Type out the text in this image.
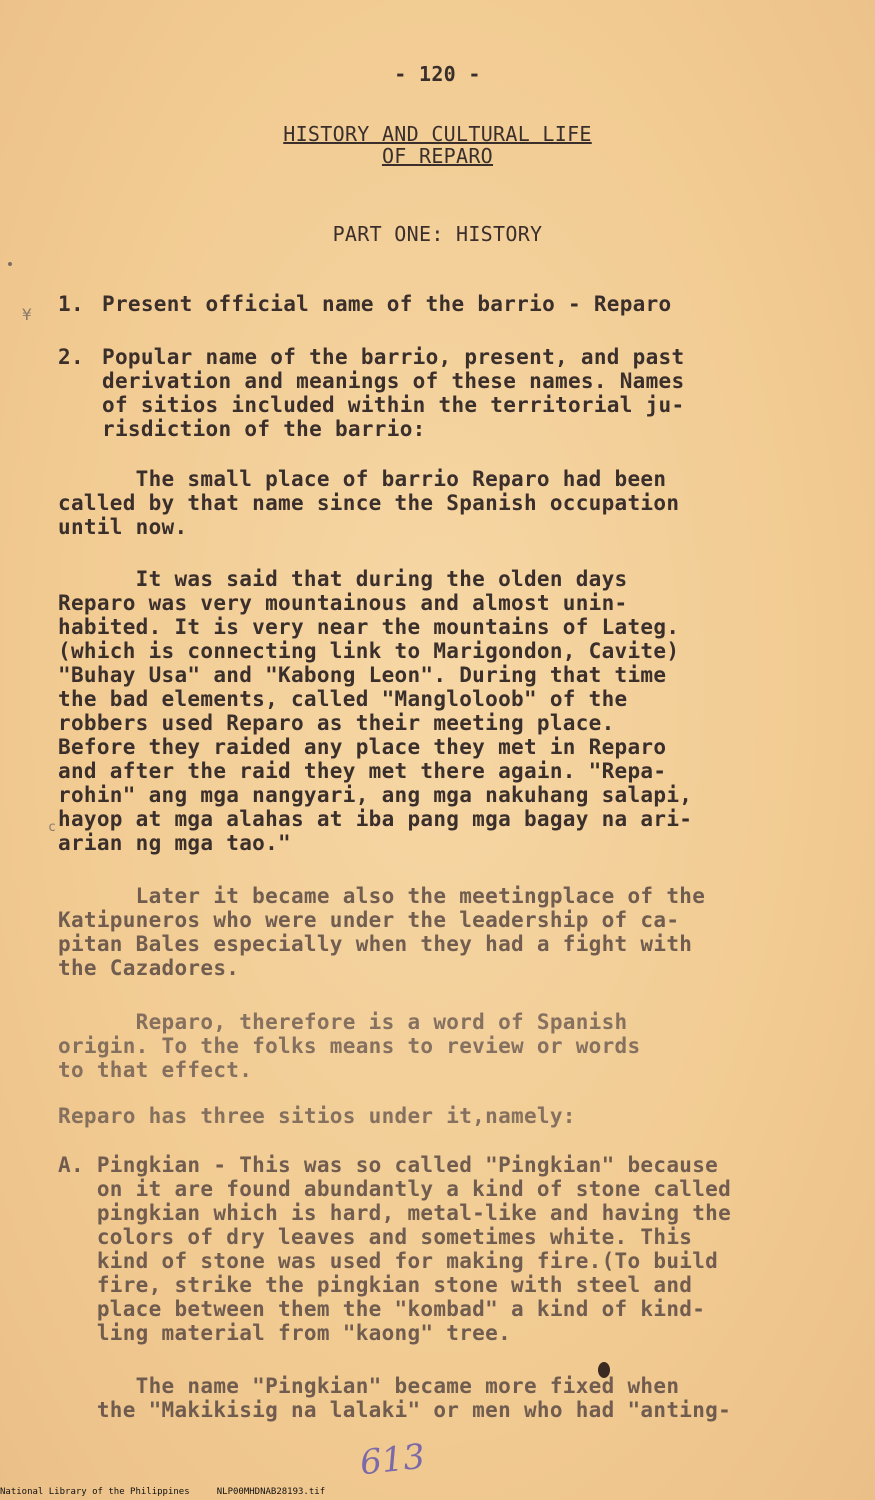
¥
c
- 120 -
HISTORY AND CULTURAL LIFE
OF REPARO
PART ONE: HISTORY
1. Present official name of the barrio - Reparo
2. Popular name of the barrio, present, and past
derivation and meanings of these names. Names
of sitios included within the territorial ju-
risdiction of the barrio:
The small place of barrio Reparo had been
called by that name since the Spanish occupation
until now.
It was said that during the olden days
Reparo was very mountainous and almost unin-
habited. It is very near the mountains of Lateg.
(which is connecting link to Marigondon, Cavite)
"Buhay Usa" and "Kabong Leon". During that time
the bad elements, called "Mangloloob" of the
robbers used Reparo as their meeting place.
Before they raided any place they met in Reparo
and after the raid they met there again. "Repa-
rohin" ang mga nangyari, ang mga nakuhang salapi,
hayop at mga alahas at iba pang mga bagay na ari-
arian ng mga tao."
Later it became also the meetingplace of the
Katipuneros who were under the leadership of ca-
pitan Bales especially when they had a fight with
the Cazadores.
Reparo, therefore is a word of Spanish
origin. To the folks means to review or words
to that effect.
Reparo has three sitios under it,namely:
A. Pingkian - This was so called "Pingkian" because
on it are found abundantly a kind of stone called
pingkian which is hard, metal-like and having the
colors of dry leaves and sometimes white. This
kind of stone was used for making fire.(To build
fire, strike the pingkian stone with steel and
place between them the "kombad" a kind of kind-
ling material from "kaong" tree.
The name "Pingkian" became more fixed when
the "Makikisig na lalaki" or men who had "anting-
613
National Library of the Philippines     NLP00MHDNAB28193.tif
